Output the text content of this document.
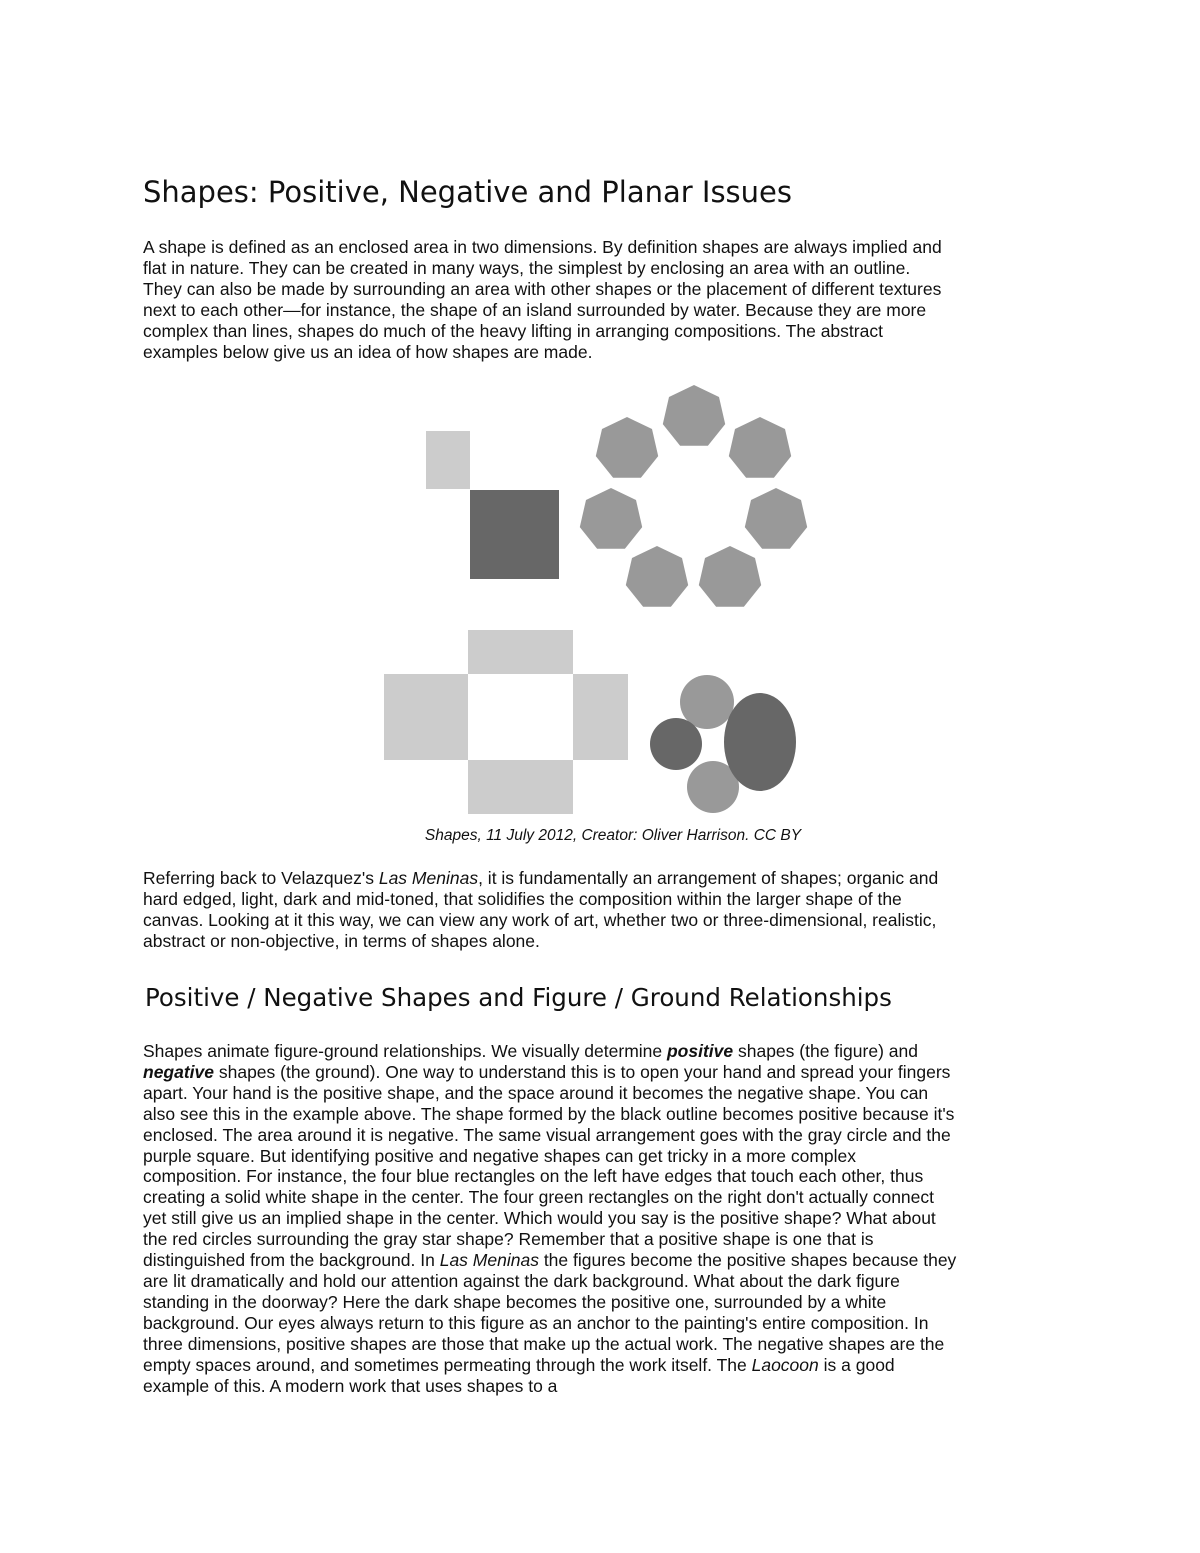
Shapes: Positive, Negative and Planar Issues
A shape is defined as an enclosed area in two dimensions. By definition shapes are always implied and
flat in nature. They can be created in many ways, the simplest by enclosing an area with an outline.
They can also be made by surrounding an area with other shapes or the placement of different textures
next to each other—for instance, the shape of an island surrounded by water. Because they are more
complex than lines, shapes do much of the heavy lifting in arranging compositions. The abstract
examples below give us an idea of how shapes are made.
Shapes, 11 July 2012, Creator: Oliver Harrison. CC BY
Referring back to Velazquez's Las Meninas, it is fundamentally an arrangement of shapes; organic and
hard edged, light, dark and mid-toned, that solidifies the composition within the larger shape of the
canvas. Looking at it this way, we can view any work of art, whether two or three-dimensional, realistic,
abstract or non-objective, in terms of shapes alone.
Positive / Negative Shapes and Figure / Ground Relationships
Shapes animate figure-ground relationships. We visually determine positive shapes (the figure) and
negative shapes (the ground). One way to understand this is to open your hand and spread your fingers
apart. Your hand is the positive shape, and the space around it becomes the negative shape. You can
also see this in the example above. The shape formed by the black outline becomes positive because it's
enclosed. The area around it is negative. The same visual arrangement goes with the gray circle and the
purple square. But identifying positive and negative shapes can get tricky in a more complex
composition. For instance, the four blue rectangles on the left have edges that touch each other, thus
creating a solid white shape in the center. The four green rectangles on the right don't actually connect
yet still give us an implied shape in the center. Which would you say is the positive shape? What about
the red circles surrounding the gray star shape? Remember that a positive shape is one that is
distinguished from the background. In Las Meninas the figures become the positive shapes because they
are lit dramatically and hold our attention against the dark background. What about the dark figure
standing in the doorway? Here the dark shape becomes the positive one, surrounded by a white
background. Our eyes always return to this figure as an anchor to the painting's entire composition. In
three dimensions, positive shapes are those that make up the actual work. The negative shapes are the
empty spaces around, and sometimes permeating through the work itself. The Laocoon is a good
example of this. A modern work that uses shapes to a
